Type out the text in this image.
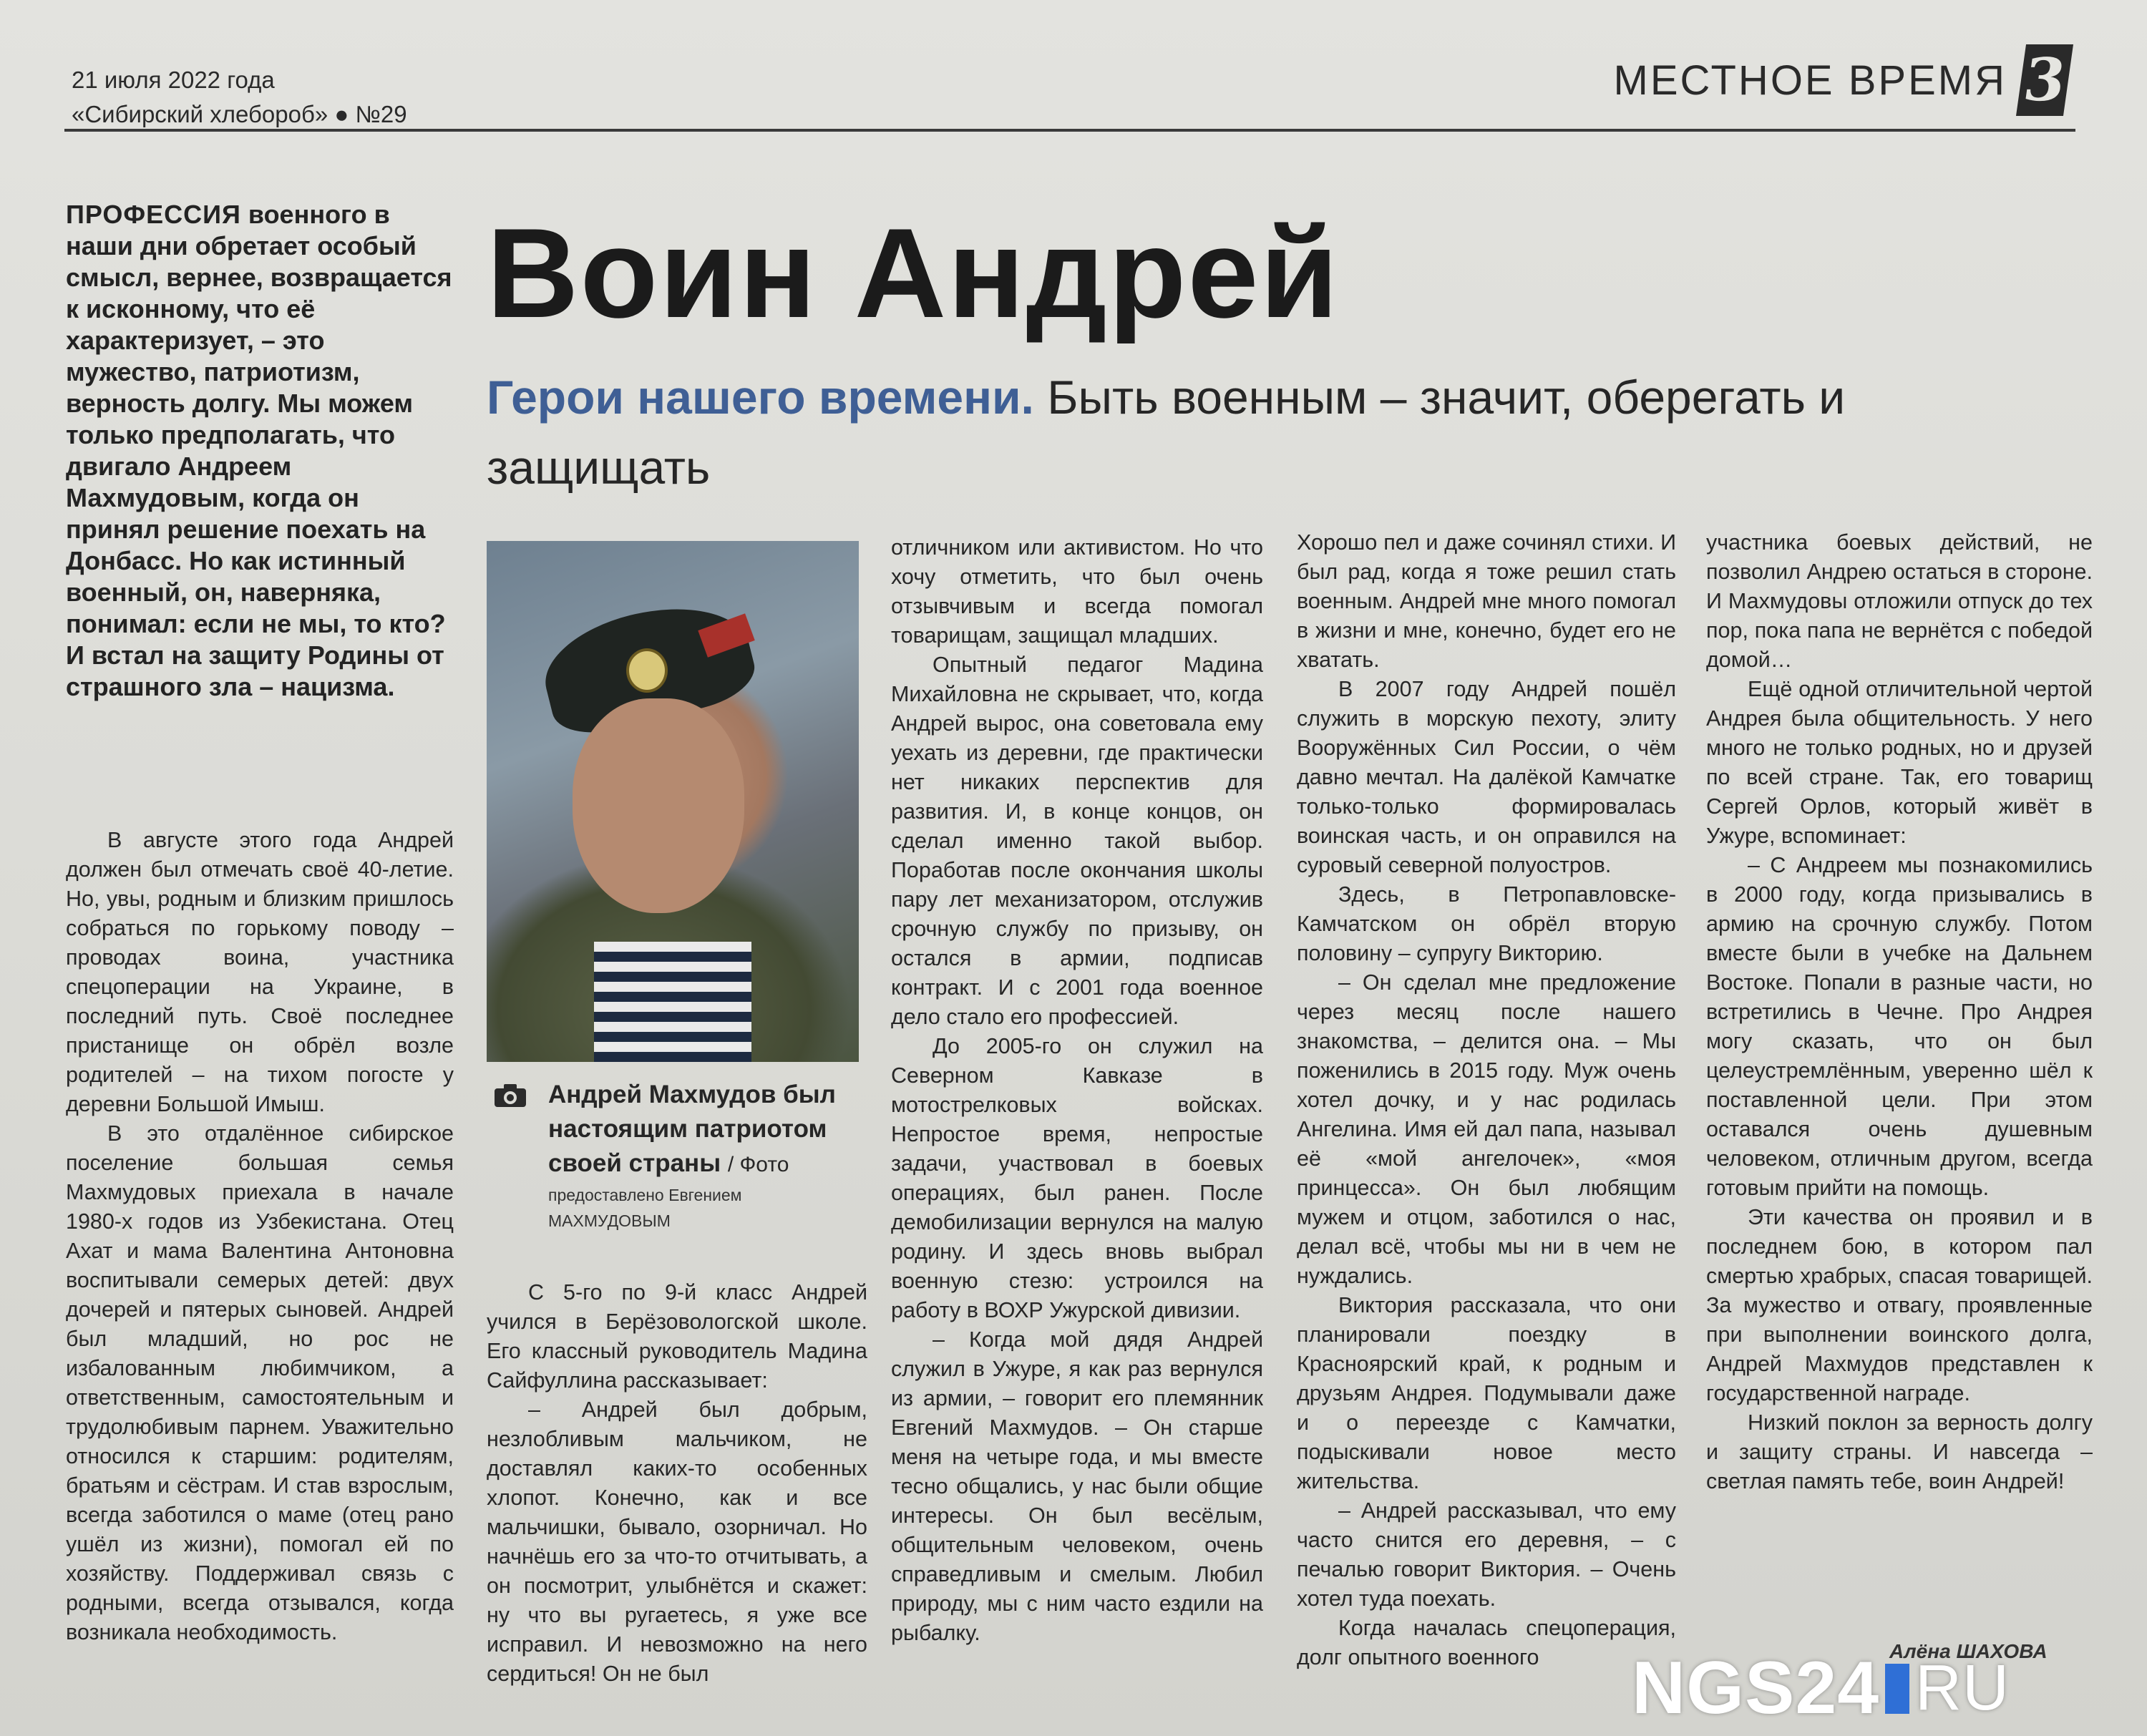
21 июля 2022 года
«Сибирский хлебороб» ● №29
МЕСТНОЕ ВРЕМЯ 3
ПРОФЕССИЯ военного в наши дни обретает особый смысл, вернее, возвращается к исконному, что её характеризует, – это мужество, патриотизм, верность долгу. Мы можем только предполагать, что двигало Андреем Махмудовым, когда он принял решение поехать на Донбасс. Но как истинный военный, он, наверняка, понимал: если не мы, то кто? И встал на защиту Родины от страшного зла – нацизма.
Воин Андрей
Герои нашего времени. Быть военным – значит, оберегать и защищать
Андрей Махмудов был настоящим патриотом своей страны / Фото
предоставлено Евгением МАХМУДОВЫМ

В августе этого года Андрей должен был отмечать своё 40-летие. Но, увы, родным и близким пришлось собраться по горькому поводу – проводах воина, участника спецоперации на Украине, в последний путь. Своё последнее пристанище он обрёл возле родителей – на тихом погосте у деревни Большой Имыш.

В это отдалённое сибирское поселение большая семья Махмудовых приехала в начале 1980-х годов из Узбекистана. Отец Ахат и мама Валентина Антоновна воспитывали семерых детей: двух дочерей и пятерых сыновей. Андрей был младший, но рос не избалованным любимчиком, а ответственным, самостоятельным и трудолюбивым парнем. Уважительно относился к старшим: родителям, братьям и сёстрам. И став взрослым, всегда заботился о маме (отец рано ушёл из жизни), помогал ей по хозяйству. Поддерживал связь с родными, всегда отзывался, когда возникала необходимость.

С 5-го по 9-й класс Андрей учился в Берёзовологской школе. Его классный руководитель Мадина Сайфуллина рассказывает:

– Андрей был добрым, незлобливым мальчиком, не доставлял каких-то особенных хлопот. Конечно, как и все мальчишки, бывало, озорничал. Но начнёшь его за что-то отчитывать, а он посмотрит, улыбнётся и скажет: ну что вы ругаетесь, я уже все исправил. И невозможно на него сердиться! Он не был

отличником или активистом. Но что хочу отметить, что был очень отзывчивым и всегда помогал товарищам, защищал младших.

Опытный педагог Мадина Михайловна не скрывает, что, когда Андрей вырос, она советовала ему уехать из деревни, где практически нет никаких перспектив для развития. И, в конце концов, он сделал именно такой выбор. Поработав после окончания школы пару лет механизатором, отслужив срочную службу по призыву, он остался в армии, подписав контракт. И с 2001 года военное дело стало его профессией.

До 2005-го он служил на Северном Кавказе в мотострелковых войсках. Непростое время, непростые задачи, участвовал в боевых операциях, был ранен. После демобилизации вернулся на малую родину. И здесь вновь выбрал военную стезю: устроился на работу в ВОХР Ужурской дивизии.

– Когда мой дядя Андрей служил в Ужуре, я как раз вернулся из армии, – говорит его племянник Евгений Махмудов. – Он старше меня на четыре года, и мы вместе тесно общались, у нас были общие интересы. Он был весёлым, общительным человеком, очень справедливым и смелым. Любил природу, мы с ним часто ездили на рыбалку.

Хорошо пел и даже сочинял стихи. И был рад, когда я тоже решил стать военным. Андрей мне много помогал в жизни и мне, конечно, будет его не хватать.

В 2007 году Андрей пошёл служить в морскую пехоту, элиту Вооружённых Сил России, о чём давно мечтал. На далёкой Камчатке только-только формировалась воинская часть, и он оправился на суровый северной полуостров.

Здесь, в Петропавловске-Камчатском он обрёл вторую половину – супругу Викторию.

– Он сделал мне предложение через месяц после нашего знакомства, – делится она. – Мы поженились в 2015 году. Муж очень хотел дочку, и у нас родилась Ангелина. Имя ей дал папа, называл её «мой ангелочек», «моя принцесса». Он был любящим мужем и отцом, заботился о нас, делал всё, чтобы мы ни в чем не нуждались.

Виктория рассказала, что они планировали поездку в Красноярский край, к родным и друзьям Андрея. Подумывали даже и о переезде с Камчатки, подыскивали новое место жительства.

– Андрей рассказывал, что ему часто снится его деревня, – с печалью говорит Виктория. – Очень хотел туда поехать.

Когда началась спецоперация, долг опытного военного

участника боевых действий, не позволил Андрею остаться в стороне. И Махмудовы отложили отпуск до тех пор, пока папа не вернётся с победой домой…

Ещё одной отличительной чертой Андрея была общительность. У него много не только родных, но и друзей по всей стране. Так, его товарищ Сергей Орлов, который живёт в Ужуре, вспоминает:

– С Андреем мы познакомились в 2000 году, когда призывались в армию на срочную службу. Потом вместе были в учебке на Дальнем Востоке. Попали в разные части, но встретились в Чечне. Про Андрея могу сказать, что он был целеустремлённым, уверенно шёл к поставленной цели. При этом оставался очень душевным человеком, отличным другом, всегда готовым прийти на помощь.

Эти качества он проявил и в последнем бою, в котором пал смертью храбрых, спасая товарищей. За мужество и отвагу, проявленные при выполнении воинского долга, Андрей Махмудов представлен к государственной награде.

Низкий поклон за верность долгу и защиту страны. И навсегда – светлая память тебе, воин Андрей!

Алёна ШАХОВА
NGS24 RU
